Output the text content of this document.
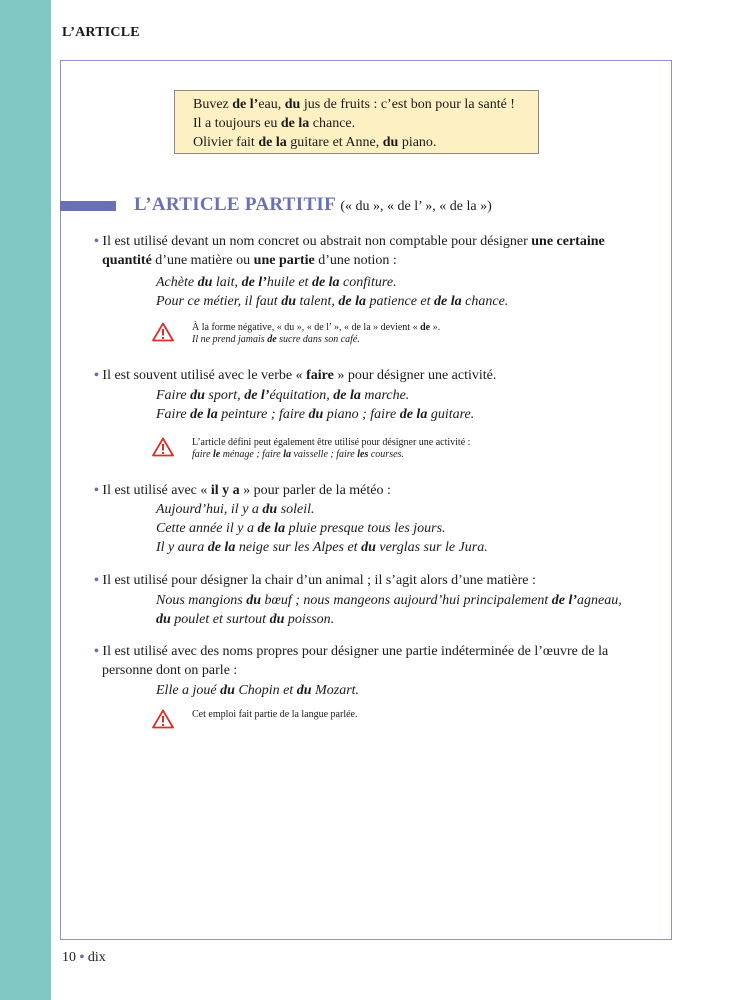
L’ARTICLE
Buvez de l’eau, du jus de fruits : c’est bon pour la santé !
Il a toujours eu de la chance.
Olivier fait de la guitare et Anne, du piano.
L’ARTICLE PARTITIF (« du », « de l’ », « de la »)
• Il est utilisé devant un nom concret ou abstrait non comptable pour désigner une certaine
quantité d’une matière ou une partie d’une notion :
Achète du lait, de l’huile et de la confiture.
Pour ce métier, il faut du talent, de la patience et de la chance.
À la forme négative, « du », « de l’ », « de la » devient « de ».
Il ne prend jamais de sucre dans son café.
• Il est souvent utilisé avec le verbe « faire » pour désigner une activité.
Faire du sport, de l’équitation, de la marche.
Faire de la peinture ; faire du piano ; faire de la guitare.
L’article défini peut également être utilisé pour désigner une activité :
faire le ménage ; faire la vaisselle ; faire les courses.
• Il est utilisé avec « il y a » pour parler de la météo :
Aujourd’hui, il y a du soleil.
Cette année il y a de la pluie presque tous les jours.
Il y aura de la neige sur les Alpes et du verglas sur le Jura.
• Il est utilisé pour désigner la chair d’un animal ; il s’agit alors d’une matière :
Nous mangions du bœuf ; nous mangeons aujourd’hui principalement de l’agneau,
du poulet et surtout du poisson.
• Il est utilisé avec des noms propres pour désigner une partie indéterminée de l’œuvre de la
personne dont on parle :
Elle a joué du Chopin et du Mozart.
Cet emploi fait partie de la langue parlée.
10 • dix
